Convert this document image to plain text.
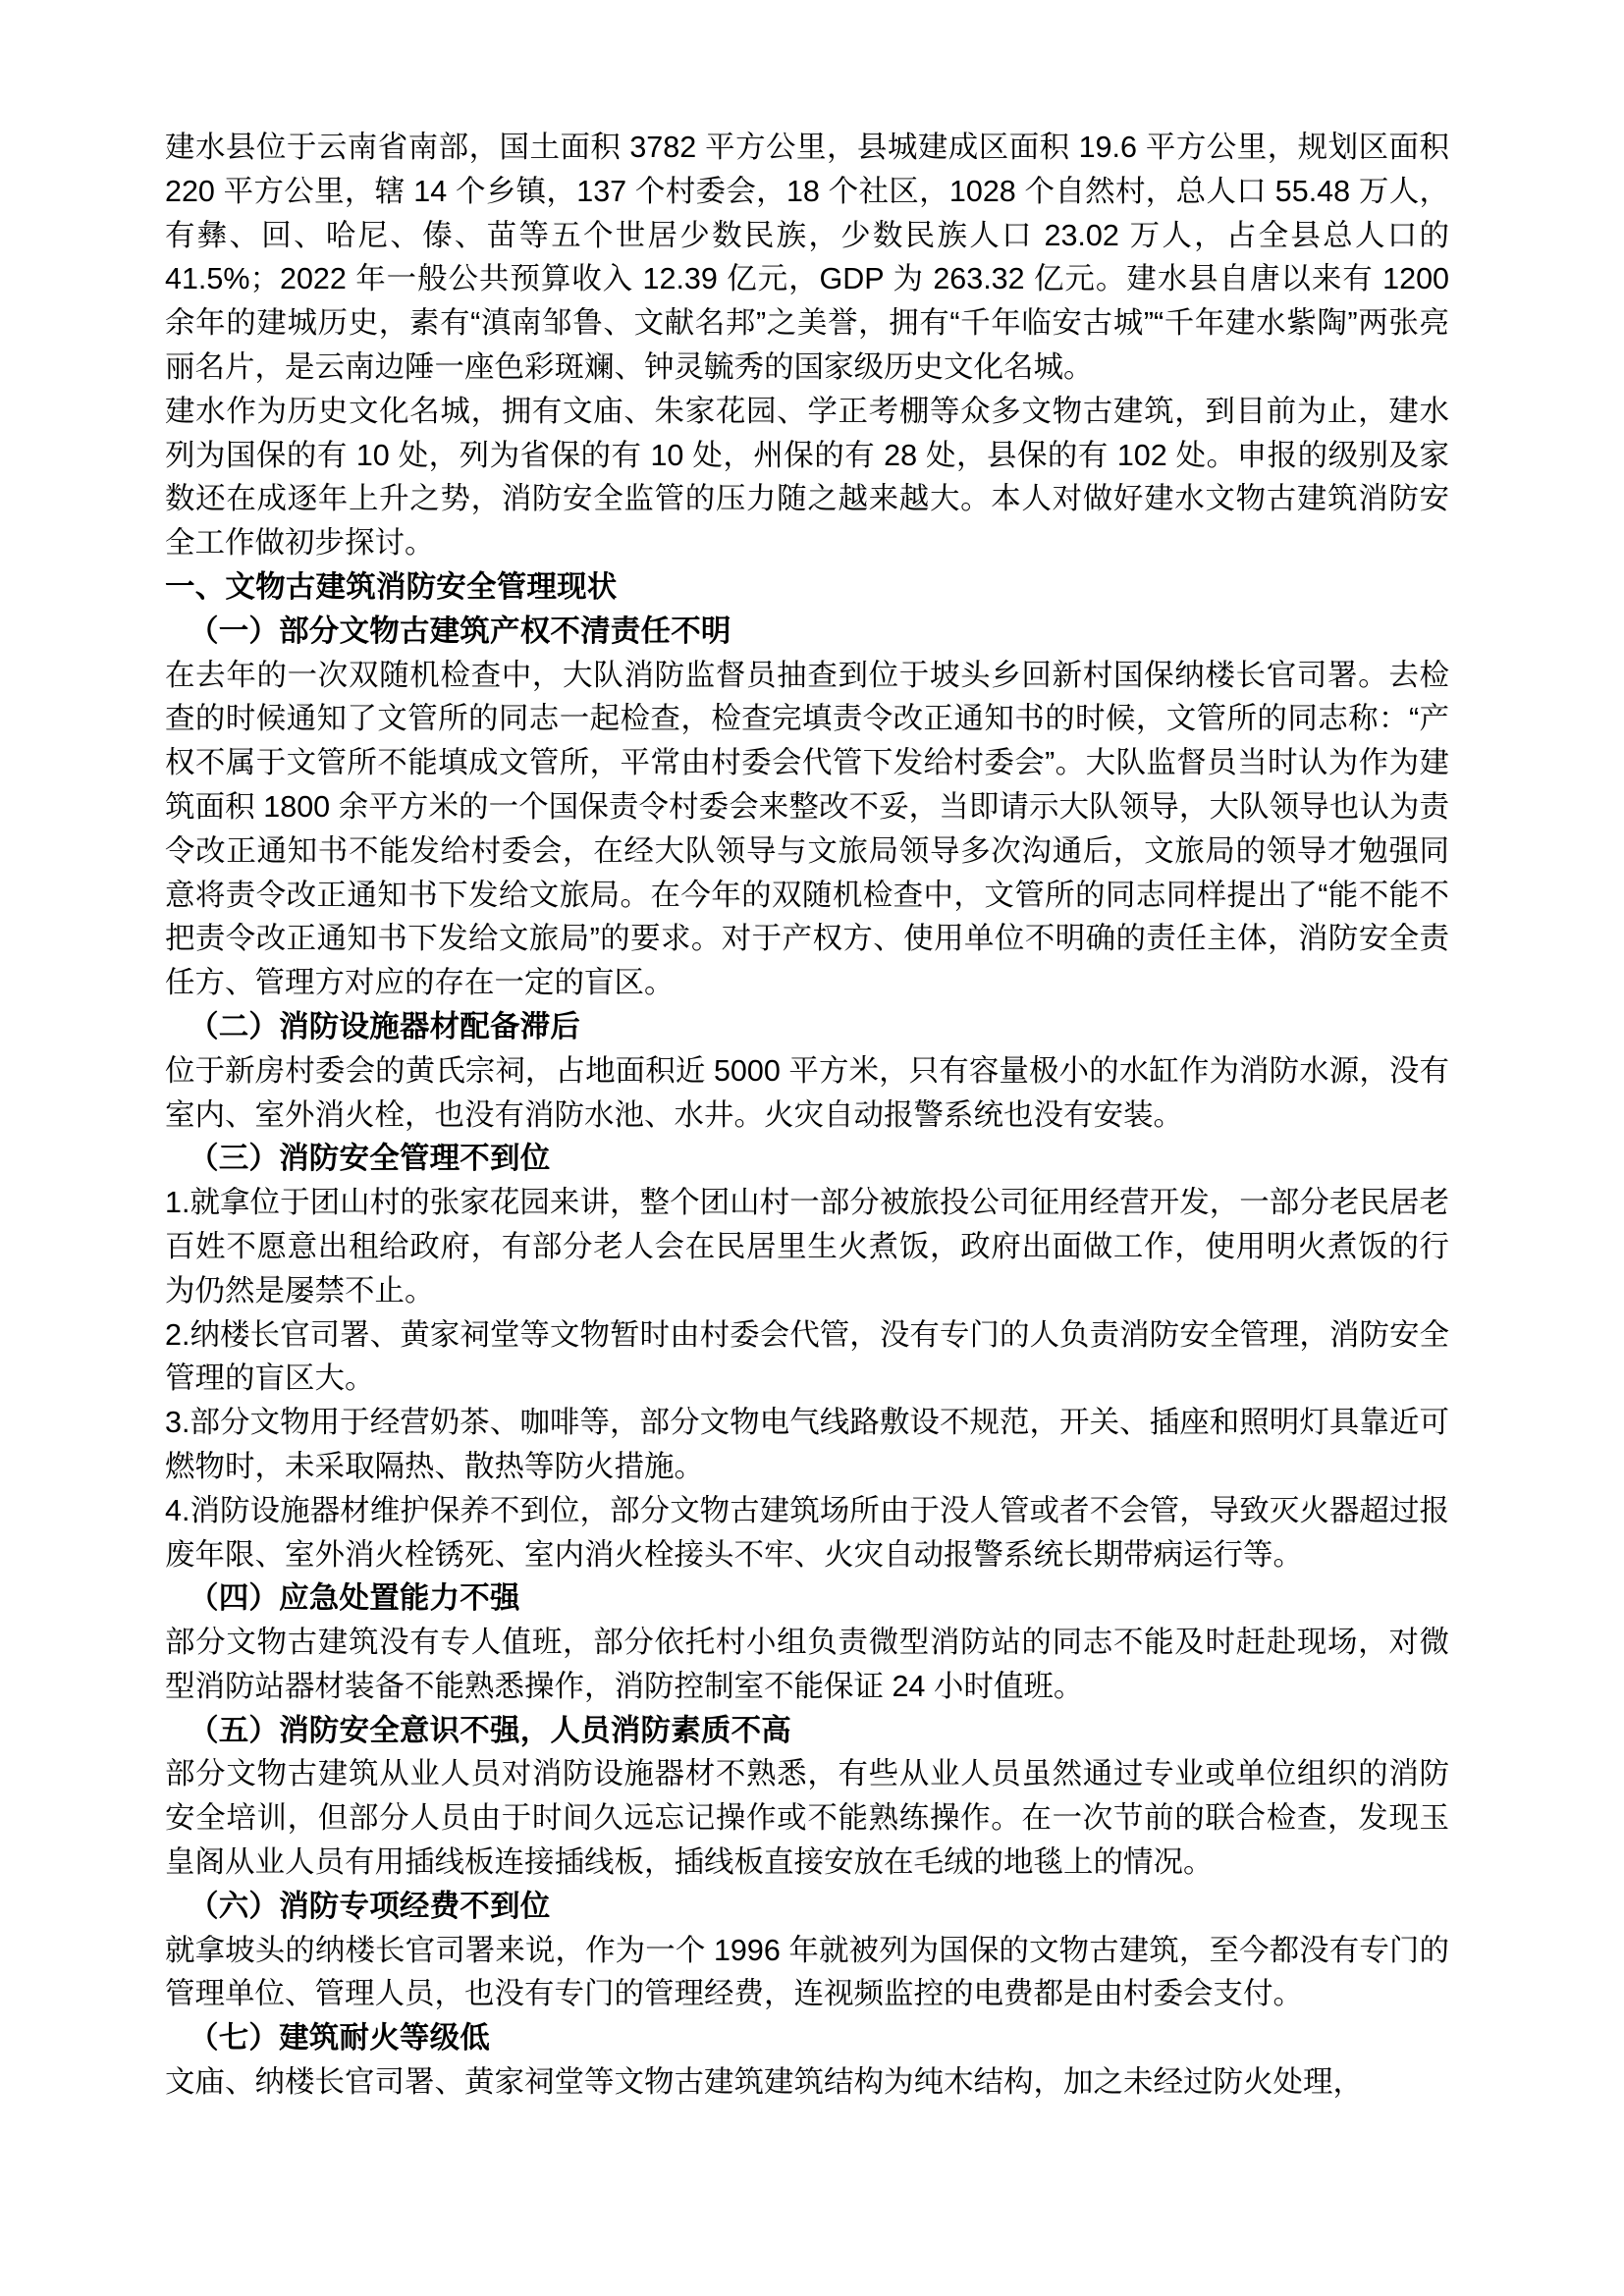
建水县位于云南省南部，国土面积 3782 平方公里，县城建成区面积 19.6 平方公里，规划区面积 220 平方公里，辖 14 个乡镇，137 个村委会，18 个社区，1028 个自然村，总人口 55.48 万人，有彝、回、哈尼、傣、苗等五个世居少数民族，少数民族人口 23.02 万人，占全县总人口的 41.5%；2022 年一般公共预算收入 12.39 亿元，GDP 为 263.32 亿元。建水县自唐以来有 1200 余年的建城历史，素有“滇南邹鲁、文献名邦”之美誉，拥有“千年临安古城”“千年建水紫陶”两张亮丽名片，是云南边陲一座色彩斑斓、钟灵毓秀的国家级历史文化名城。

建水作为历史文化名城，拥有文庙、朱家花园、学正考棚等众多文物古建筑，到目前为止，建水列为国保的有 10 处，列为省保的有 10 处，州保的有 28 处，县保的有 102 处。申报的级别及家数还在成逐年上升之势，消防安全监管的压力随之越来越大。本人对做好建水文物古建筑消防安全工作做初步探讨。

一、文物古建筑消防安全管理现状

（一）部分文物古建筑产权不清责任不明

在去年的一次双随机检查中，大队消防监督员抽查到位于坡头乡回新村国保纳楼长官司署。去检查的时候通知了文管所的同志一起检查，检查完填责令改正通知书的时候，文管所的同志称：“产权不属于文管所不能填成文管所，平常由村委会代管下发给村委会”。大队监督员当时认为作为建筑面积 1800 余平方米的一个国保责令村委会来整改不妥，当即请示大队领导，大队领导也认为责令改正通知书不能发给村委会，在经大队领导与文旅局领导多次沟通后，文旅局的领导才勉强同意将责令改正通知书下发给文旅局。在今年的双随机检查中，文管所的同志同样提出了“能不能不把责令改正通知书下发给文旅局”的要求。对于产权方、使用单位不明确的责任主体，消防安全责任方、管理方对应的存在一定的盲区。

（二）消防设施器材配备滞后

位于新房村委会的黄氏宗祠，占地面积近 5000 平方米，只有容量极小的水缸作为消防水源，没有室内、室外消火栓，也没有消防水池、水井。火灾自动报警系统也没有安装。

（三）消防安全管理不到位

1.就拿位于团山村的张家花园来讲，整个团山村一部分被旅投公司征用经营开发，一部分老民居老百姓不愿意出租给政府，有部分老人会在民居里生火煮饭，政府出面做工作，使用明火煮饭的行为仍然是屡禁不止。

2.纳楼长官司署、黄家祠堂等文物暂时由村委会代管，没有专门的人负责消防安全管理，消防安全管理的盲区大。

3.部分文物用于经营奶茶、咖啡等，部分文物电气线路敷设不规范，开关、插座和照明灯具靠近可燃物时，未采取隔热、散热等防火措施。

4.消防设施器材维护保养不到位，部分文物古建筑场所由于没人管或者不会管，导致灭火器超过报废年限、室外消火栓锈死、室内消火栓接头不牢、火灾自动报警系统长期带病运行等。

（四）应急处置能力不强

部分文物古建筑没有专人值班，部分依托村小组负责微型消防站的同志不能及时赶赴现场，对微型消防站器材装备不能熟悉操作，消防控制室不能保证 24 小时值班。

（五）消防安全意识不强，人员消防素质不高

部分文物古建筑从业人员对消防设施器材不熟悉，有些从业人员虽然通过专业或单位组织的消防安全培训，但部分人员由于时间久远忘记操作或不能熟练操作。在一次节前的联合检查，发现玉皇阁从业人员有用插线板连接插线板，插线板直接安放在毛绒的地毯上的情况。

（六）消防专项经费不到位

就拿坡头的纳楼长官司署来说，作为一个 1996 年就被列为国保的文物古建筑，至今都没有专门的管理单位、管理人员，也没有专门的管理经费，连视频监控的电费都是由村委会支付。

（七）建筑耐火等级低

文庙、纳楼长官司署、黄家祠堂等文物古建筑建筑结构为纯木结构，加之未经过防火处理，
